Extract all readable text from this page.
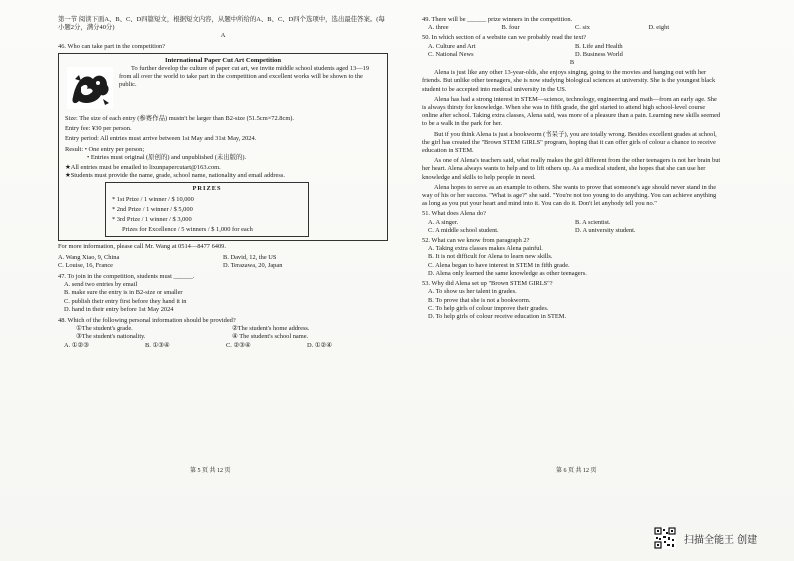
第一节 阅读下面A、B、C、D四篇短文，根据短文内容，从题中所给的A、B、C、D四个选项中，选出最佳答案。(每小题2分，满分40分)

A

46. Who can take part in the competition?

International Paper Cut Art Competition

To further develop the culture of paper cut art, we invite middle school students aged 13—19 from all over the world to take part in the competition and excellent works will be shown to the public.

Size: The size of each entry (参赛作品) mustn't be larger than B2-size (51.5cm×72.8cm).

Entry fee: ¥30 per person.

Entry period: All entries must arrive between 1st May and 31st May, 2024.

Result: • One entry per person;

• Entries must original (原创的) and unpublished (未出版的).

★All entries must be emailed to lixunpapercutart@163.com.

★Students must provide the name, grade, school name, nationality and email address.

PRIZES

* 1st Prize / 1 winner / $ 10,000

* 2nd Prize / 1 winner / $ 5,000

* 3rd Prize / 1 winner / $ 3,000

Prizes for Excellence / 5 winners / $ 1,000 for each

For more information, please call Mr. Wang at 0514—8477 6409.

A. Wang Xiao, 9, China	B. David, 12, the US
C. Louise, 16, France	D. Terazawa, 20, Japan

47. To join in the competition, students must ______.

A. send two entries by email

B. make sure the entry is in B2-size or smaller

C. publish their entry first before they hand it in

D. hand in their entry before 1st May 2024

48. Which of the following personal information should be provided?

①The student's grade.	②The student's home address.
③The student's nationality.	④ The student's school name.
A. ①②③	B. ①③④	C. ②③④	D. ①②④
第 5 页 共 12 页

49. There will be ______ prize winners in the competition.

A. three	B. four	C. six	D. eight

50. In which section of a website can we probably read the text?

A. Culture and Art	B. Life and Health
C. National News	D. Business World

B

Alena is just like any other 13-year-olds, she enjoys singing, going to the movies and hanging out with her friends. But unlike other teenagers, she is now studying biological sciences at university. She is the youngest black student to be accepted into medical university in the US.

Alena has had a strong interest in STEM—science, technology, engineering and math—from an early age. She is always thirsty for knowledge. When she was in fifth grade, the girl started to attend high school-level course online after school. Taking extra classes, Alena said, was more of a pleasure than a pain. Learning new skills seemed to be a walk in the park for her.

But if you think Alena is just a bookworm (书呆子), you are totally wrong. Besides excellent grades at school, the girl has created the "Brown STEM GIRLS" program, hoping that it can offer girls of colour a chance to receive education in STEM.

As one of Alena's teachers said, what really makes the girl different from the other teenagers is not her brain but her heart. Alena always wants to help and to lift others up. As a medical student, she hopes that she can use her knowledge and skills to help people in need.

Alena hopes to serve as an example to others. She wants to prove that someone's age should never stand in the way of his or her success. "What is age?" she said. "You're not too young to do anything. You can achieve anything as long as you put your heart and mind into it. You can do it. Don't let anybody tell you no."

51. What does Alena do?

A. A singer.	B. A scientist.
C. A middle school student.	D. A university student.

52. What can we know from paragraph 2?

A. Taking extra classes makes Alena painful.

B. It is not difficult for Alena to learn new skills.

C. Alena began to have interest in STEM in fifth grade.

D. Alena only learned the same knowledge as other teenagers.

53. Why did Alena set up "Brown STEM GIRLS"?

A. To show us her talent in grades.

B. To prove that she is not a bookworm.

C. To help girls of colour improve their grades.

D. To help girls of colour receive education in STEM.

第 6 页 共 12 页
扫描全能王 创建
